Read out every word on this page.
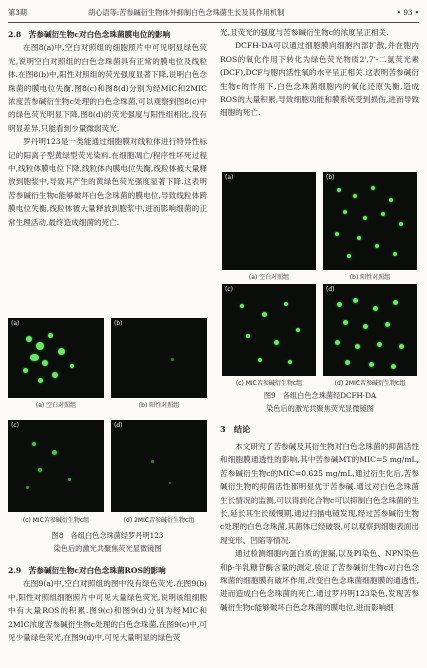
第3期	胡心语等:苦参碱衍生物体外抑制白色念珠菌生长及其作用机制	• 93 •
2.8　苦参碱衍生物c对白色念珠菌膜电位的影响
在图8(a)中,空白对照组的细胞照片中可见明显绿色荧光,说明空白对照组的白色念珠菌具有正常的膜电位及线粒体.在图8(b)中,阳性对照组的荧光强度显著下降,说明白色念珠菌的膜电位失衡.图8(c)和图8(d)分别为经MIC和2MIC浓度苦参碱衍生物c处理的白色念珠菌,可以观察到图8(c)中的绿色荧光明显下降,图8(d)的荧光强度与阳性组相比,没有明显差异,只能看到少量微弱荧光.
罗丹明123是一类能通过细胞膜对线粒体进行特异性标记的阳离子型黄绿型荧光染料.在细胞凋亡/程序性坏死过程中,线粒体膜电位下降,线粒体内膜电位失衡,线粒体被大量释放到胞浆中,导致其产生的黄绿色荧光强度显著下降.这表明苦参碱衍生物c能够破坏白色念珠菌的膜电位,导致线粒体跨膜电位失衡,线粒体被大量释放到胞浆中,进而影响细菌的正常生理活动,最终造成细菌的死亡.
(a)	(b)
(a) 空白对照组	(b) 阳性对照组
(c)	(d)
(c) MIC苦参碱衍生物c组	(d) 2MIC苦参碱衍生物c组
图8　各组白色念珠菌经罗丹明123
染色后的激光共聚焦荧光显微镜图
2.9　苦参碱衍生物c对白色念珠菌ROS的影响
在图9(a)中,空白对照组的图中没有绿色荧光.在图9(b)中,阳性对照组细胞照片中可见大量绿色荧光,说明该组细胞中有大量ROS的积累.图9(c)和图9(d)分别为经MIC和2MIC浓度苦参碱衍生物c处理的白色念珠菌,在图9(c)中,可见少量绿色荧光,在图9(d)中,可见大量明显的绿色荧
光,且荧光的强度与苦参碱衍生物c的浓度呈正相关.
DCFH-DA可以通过细胞膜向细胞内部扩散,并在胞内ROS的氧化作用下转化为绿色荧光物质2',7'-二氯荧光素(DCF),DCF与胞内活性氧的水平呈正相关.这表明苦参碱衍生物c的作用下,白色念珠菌细胞内的氧化还原失衡,造成ROS的大量积累,导致细胞功能和膜系统受到损伤,进而导致细胞的死亡.
(a)	(b)
(a) 空白对照组	(b) 阳性对照组
(c)	(d)
(c) MIC苦参碱衍生物c组	(d) 2MIC苦参碱衍生物c组
图9　各组白色念珠菌经DCFH-DA
染色后的激光共聚焦荧光显微镜图
3　结论
本文研究了苦参碱及其衍生物对白色念珠菌的抑菌活性和细胞膜通透性的影响,其中苦参碱MT的MIC=5 mg/mL,苦参碱衍生物c的MIC=0.625 mg/mL,通过衍生化后,苦参碱衍生物的抑菌活性都明显优于苦参碱.通过对白色念珠菌生长情况的监测,可以得到化合物c可以抑制白色念珠菌的生长,延长其生长缓慢期.通过扫描电镜发现,经过苦参碱衍生物c处理的白色念珠菌,其菌体已经破裂,可以观察到细胞表面出现变形、凹陷等情况.
通过检测细胞内蛋白质的泄漏,以及PI染色、NPN染色和β-半乳糖苷酶含量的测定,验证了苦参碱衍生物c对白色念珠菌的细胞膜有破坏作用,改变白色念珠菌细胞膜的通透性,进而造成白色念珠菌的死亡.通过罗丹明123染色,发现苦参碱衍生物c能够破坏白色念珠菌的膜电位,进而影响细
